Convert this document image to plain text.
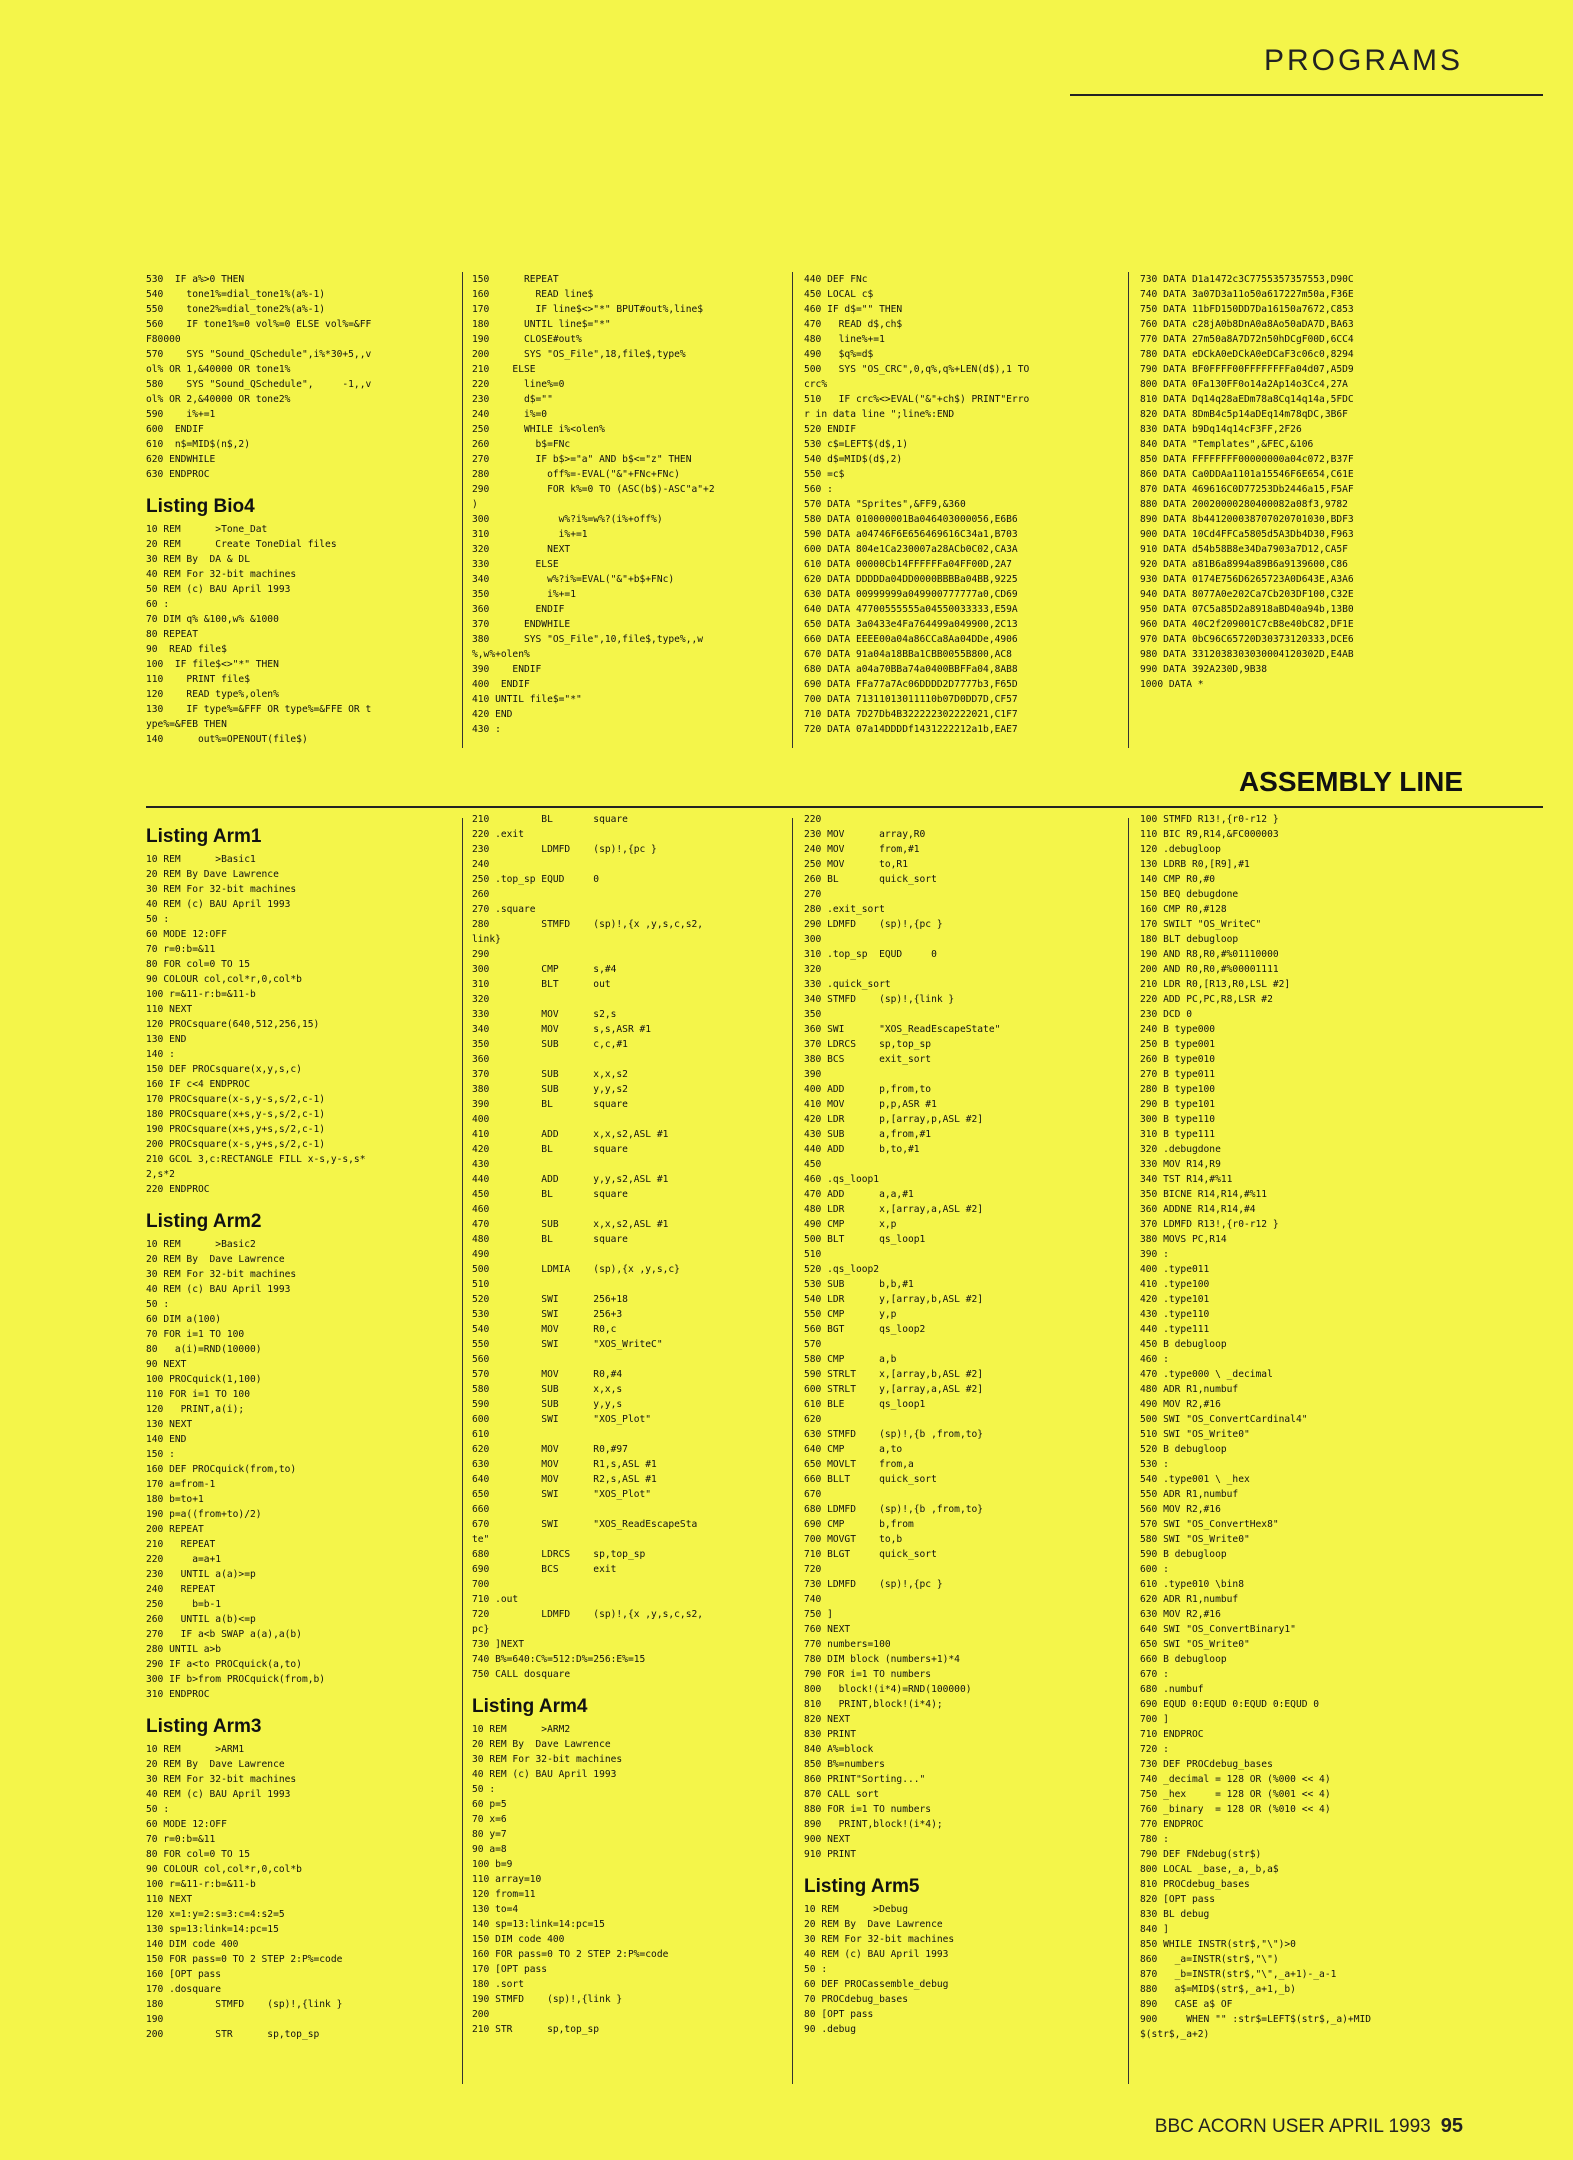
PROGRAMS
ASSEMBLY LINE
530  IF a%>0 THEN
540    tone1%=dial_tone1%(a%-1)
550    tone2%=dial_tone2%(a%-1)
560    IF tone1%=0 vol%=0 ELSE vol%=&FF
F80000
570    SYS "Sound_QSchedule",i%*30+5,,v
ol% OR 1,&40000 OR tone1%
580    SYS "Sound_QSchedule",     -1,,v
ol% OR 2,&40000 OR tone2%
590    i%+=1
600  ENDIF
610  n$=MID$(n$,2)
620 ENDWHILE
630 ENDPROC
Listing Bio4
10 REM      >Tone_Dat
20 REM      Create ToneDial files
30 REM By  DA & DL
40 REM For 32-bit machines
50 REM (c) BAU April 1993
60 :
70 DIM q% &100,w% &1000
80 REPEAT
90  READ file$
100  IF file$<>"*" THEN
110    PRINT file$
120    READ type%,olen%
130    IF type%=&FFF OR type%=&FFE OR t
ype%=&FEB THEN
140      out%=OPENOUT(file$)
150      REPEAT
160        READ line$
170        IF line$<>"*" BPUT#out%,line$
180      UNTIL line$="*"
190      CLOSE#out%
200      SYS "OS_File",18,file$,type%
210    ELSE
220      line%=0
230      d$=""
240      i%=0
250      WHILE i%<olen%
260        b$=FNc
270        IF b$>="a" AND b$<="z" THEN
280          off%=-EVAL("&"+FNc+FNc)
290          FOR k%=0 TO (ASC(b$)-ASC"a"+2
)
300            w%?i%=w%?(i%+off%)
310            i%+=1
320          NEXT
330        ELSE
340          w%?i%=EVAL("&"+b$+FNc)
350          i%+=1
360        ENDIF
370      ENDWHILE
380      SYS "OS_File",10,file$,type%,,w
%,w%+olen%
390    ENDIF
400  ENDIF
410 UNTIL file$="*"
420 END
430 :
440 DEF FNc
450 LOCAL c$
460 IF d$="" THEN
470   READ d$,ch$
480   line%+=1
490   $q%=d$
500   SYS "OS_CRC",0,q%,q%+LEN(d$),1 TO
crc%
510   IF crc%<>EVAL("&"+ch$) PRINT"Erro
r in data line ";line%:END
520 ENDIF
530 c$=LEFT$(d$,1)
540 d$=MID$(d$,2)
550 =c$
560 :
570 DATA "Sprites",&FF9,&360
580 DATA 010000001Ba046403000056,E6B6
590 DATA a04746F6E656469616C34a1,B703
600 DATA 804e1Ca230007a28ACb0C02,CA3A
610 DATA 00000Cb14FFFFFFa04FF00D,2A7
620 DATA DDDDDa04DD0000BBBBa04BB,9225
630 DATA 00999999a049900777777a0,CD69
640 DATA 47700555555a04550033333,E59A
650 DATA 3a0433e4Fa764499a049900,2C13
660 DATA EEEE00a04a86CCa8Aa04DDe,4906
670 DATA 91a04a18BBa1CBB0055B800,AC8
680 DATA a04a70BBa74a0400BBFFa04,8AB8
690 DATA FFa77a7Ac06DDDD2D7777b3,F65D
700 DATA 71311013011110b07D0DD7D,CF57
710 DATA 7D27Db4B322222302222021,C1F7
720 DATA 07a14DDDDf1431222212a1b,EAE7
730 DATA D1a1472c3C7755357357553,D90C
740 DATA 3a07D3a11o50a617227m50a,F36E
750 DATA 11bFD150DD7Da16150a7672,C853
760 DATA c28jA0b8DnA0a8Ao50aDA7D,BA63
770 DATA 27m50a8A7D72n50hDCgF00D,6CC4
780 DATA eDCkA0eDCkA0eDCaF3c06c0,8294
790 DATA BF0FFFF00FFFFFFFFa04d07,A5D9
800 DATA 0Fa130FF0o14a2Ap14o3Cc4,27A
810 DATA Dq14q28aEDm78a8Cq14q14a,5FDC
820 DATA 8DmB4c5p14aDEq14m78qDC,3B6F
830 DATA b9Dq14q14cF3FF,2F26
840 DATA "Templates",&FEC,&106
850 DATA FFFFFFFF00000000a04c072,B37F
860 DATA Ca0DDAa1101a15546F6E654,C61E
870 DATA 469616C0D77253Db2446a15,F5AF
880 DATA 20020000280400082a08f3,9782
890 DATA 8b441200038707020701030,BDF3
900 DATA 10Cd4FFCa5805d5A3Db4D30,F963
910 DATA d54b58B8e34Da7903a7D12,CA5F
920 DATA a81B6a8994a89B6a9139600,C86
930 DATA 0174E756D6265723A0D643E,A3A6
940 DATA 8077A0e202Ca7Cb203DF100,C32E
950 DATA 07C5a85D2a8918aBD40a94b,13B0
960 DATA 40C2f209001C7cB8e40bC82,DF1E
970 DATA 0bC96C65720D30373120333,DCE6
980 DATA 3312038303030004120302D,E4AB
990 DATA 392A230D,9B38
1000 DATA *
Listing Arm1
10 REM      >Basic1
20 REM By Dave Lawrence
30 REM For 32-bit machines
40 REM (c) BAU April 1993
50 :
60 MODE 12:OFF
70 r=0:b=&11
80 FOR col=0 TO 15
90 COLOUR col,col*r,0,col*b
100 r=&11-r:b=&11-b
110 NEXT
120 PROCsquare(640,512,256,15)
130 END
140 :
150 DEF PROCsquare(x,y,s,c)
160 IF c<4 ENDPROC
170 PROCsquare(x-s,y-s,s/2,c-1)
180 PROCsquare(x+s,y-s,s/2,c-1)
190 PROCsquare(x+s,y+s,s/2,c-1)
200 PROCsquare(x-s,y+s,s/2,c-1)
210 GCOL 3,c:RECTANGLE FILL x-s,y-s,s*
2,s*2
220 ENDPROC
Listing Arm2
10 REM      >Basic2
20 REM By  Dave Lawrence
30 REM For 32-bit machines
40 REM (c) BAU April 1993
50 :
60 DIM a(100)
70 FOR i=1 TO 100
80   a(i)=RND(10000)
90 NEXT
100 PROCquick(1,100)
110 FOR i=1 TO 100
120   PRINT,a(i);
130 NEXT
140 END
150 :
160 DEF PROCquick(from,to)
170 a=from-1
180 b=to+1
190 p=a((from+to)/2)
200 REPEAT
210   REPEAT
220     a=a+1
230   UNTIL a(a)>=p
240   REPEAT
250     b=b-1
260   UNTIL a(b)<=p
270   IF a<b SWAP a(a),a(b)
280 UNTIL a>b
290 IF a<to PROCquick(a,to)
300 IF b>from PROCquick(from,b)
310 ENDPROC
Listing Arm3
10 REM      >ARM1
20 REM By  Dave Lawrence
30 REM For 32-bit machines
40 REM (c) BAU April 1993
50 :
60 MODE 12:OFF
70 r=0:b=&11
80 FOR col=0 TO 15
90 COLOUR col,col*r,0,col*b
100 r=&11-r:b=&11-b
110 NEXT
120 x=1:y=2:s=3:c=4:s2=5
130 sp=13:link=14:pc=15
140 DIM code 400
150 FOR pass=0 TO 2 STEP 2:P%=code
160 [OPT pass
170 .dosquare
180         STMFD    (sp)!,{link }
190
200         STR      sp,top_sp
210         BL       square
220 .exit
230         LDMFD    (sp)!,{pc }
240
250 .top_sp EQUD     0
260
270 .square
280         STMFD    (sp)!,{x ,y,s,c,s2,
link}
290
300         CMP      s,#4
310         BLT      out
320
330         MOV      s2,s
340         MOV      s,s,ASR #1
350         SUB      c,c,#1
360
370         SUB      x,x,s2
380         SUB      y,y,s2
390         BL       square
400
410         ADD      x,x,s2,ASL #1
420         BL       square
430
440         ADD      y,y,s2,ASL #1
450         BL       square
460
470         SUB      x,x,s2,ASL #1
480         BL       square
490
500         LDMIA    (sp),{x ,y,s,c}
510
520         SWI      256+18
530         SWI      256+3
540         MOV      R0,c
550         SWI      "XOS_WriteC"
560
570         MOV      R0,#4
580         SUB      x,x,s
590         SUB      y,y,s
600         SWI      "XOS_Plot"
610
620         MOV      R0,#97
630         MOV      R1,s,ASL #1
640         MOV      R2,s,ASL #1
650         SWI      "XOS_Plot"
660
670         SWI      "XOS_ReadEscapeSta
te"
680         LDRCS    sp,top_sp
690         BCS      exit
700
710 .out
720         LDMFD    (sp)!,{x ,y,s,c,s2,
pc}
730 ]NEXT
740 B%=640:C%=512:D%=256:E%=15
750 CALL dosquare
Listing Arm4
10 REM      >ARM2
20 REM By  Dave Lawrence
30 REM For 32-bit machines
40 REM (c) BAU April 1993
50 :
60 p=5
70 x=6
80 y=7
90 a=8
100 b=9
110 array=10
120 from=11
130 to=4
140 sp=13:link=14:pc=15
150 DIM code 400
160 FOR pass=0 TO 2 STEP 2:P%=code
170 [OPT pass
180 .sort
190 STMFD    (sp)!,{link }
200
210 STR      sp,top_sp
220
230 MOV      array,R0
240 MOV      from,#1
250 MOV      to,R1
260 BL       quick_sort
270
280 .exit_sort
290 LDMFD    (sp)!,{pc }
300
310 .top_sp  EQUD     0
320
330 .quick_sort
340 STMFD    (sp)!,{link }
350
360 SWI      "XOS_ReadEscapeState"
370 LDRCS    sp,top_sp
380 BCS      exit_sort
390
400 ADD      p,from,to
410 MOV      p,p,ASR #1
420 LDR      p,[array,p,ASL #2]
430 SUB      a,from,#1
440 ADD      b,to,#1
450
460 .qs_loop1
470 ADD      a,a,#1
480 LDR      x,[array,a,ASL #2]
490 CMP      x,p
500 BLT      qs_loop1
510
520 .qs_loop2
530 SUB      b,b,#1
540 LDR      y,[array,b,ASL #2]
550 CMP      y,p
560 BGT      qs_loop2
570
580 CMP      a,b
590 STRLT    x,[array,b,ASL #2]
600 STRLT    y,[array,a,ASL #2]
610 BLE      qs_loop1
620
630 STMFD    (sp)!,{b ,from,to}
640 CMP      a,to
650 MOVLT    from,a
660 BLLT     quick_sort
670
680 LDMFD    (sp)!,{b ,from,to}
690 CMP      b,from
700 MOVGT    to,b
710 BLGT     quick_sort
720
730 LDMFD    (sp)!,{pc }
740
750 ]
760 NEXT
770 numbers=100
780 DIM block (numbers+1)*4
790 FOR i=1 TO numbers
800   block!(i*4)=RND(100000)
810   PRINT,block!(i*4);
820 NEXT
830 PRINT
840 A%=block
850 B%=numbers
860 PRINT"Sorting..."
870 CALL sort
880 FOR i=1 TO numbers
890   PRINT,block!(i*4);
900 NEXT
910 PRINT
Listing Arm5
10 REM      >Debug
20 REM By  Dave Lawrence
30 REM For 32-bit machines
40 REM (c) BAU April 1993
50 :
60 DEF PROCassemble_debug
70 PROCdebug_bases
80 [OPT pass
90 .debug
100 STMFD R13!,{r0-r12 }
110 BIC R9,R14,&FC000003
120 .debugloop
130 LDRB R0,[R9],#1
140 CMP R0,#0
150 BEQ debugdone
160 CMP R0,#128
170 SWILT "OS_WriteC"
180 BLT debugloop
190 AND R8,R0,#%01110000
200 AND R0,R0,#%00001111
210 LDR R0,[R13,R0,LSL #2]
220 ADD PC,PC,R8,LSR #2
230 DCD 0
240 B type000
250 B type001
260 B type010
270 B type011
280 B type100
290 B type101
300 B type110
310 B type111
320 .debugdone
330 MOV R14,R9
340 TST R14,#%11
350 BICNE R14,R14,#%11
360 ADDNE R14,R14,#4
370 LDMFD R13!,{r0-r12 }
380 MOVS PC,R14
390 :
400 .type011
410 .type100
420 .type101
430 .type110
440 .type111
450 B debugloop
460 :
470 .type000 \ _decimal
480 ADR R1,numbuf
490 MOV R2,#16
500 SWI "OS_ConvertCardinal4"
510 SWI "OS_Write0"
520 B debugloop
530 :
540 .type001 \ _hex
550 ADR R1,numbuf
560 MOV R2,#16
570 SWI "OS_ConvertHex8"
580 SWI "OS_Write0"
590 B debugloop
600 :
610 .type010 \bin8
620 ADR R1,numbuf
630 MOV R2,#16
640 SWI "OS_ConvertBinary1"
650 SWI "OS_Write0"
660 B debugloop
670 :
680 .numbuf
690 EQUD 0:EQUD 0:EQUD 0:EQUD 0
700 ]
710 ENDPROC
720 :
730 DEF PROCdebug_bases
740 _decimal = 128 OR (%000 << 4)
750 _hex     = 128 OR (%001 << 4)
760 _binary  = 128 OR (%010 << 4)
770 ENDPROC
780 :
790 DEF FNdebug(str$)
800 LOCAL _base,_a,_b,a$
810 PROCdebug_bases
820 [OPT pass
830 BL debug
840 ]
850 WHILE INSTR(str$,"\")>0
860   _a=INSTR(str$,"\")
870   _b=INSTR(str$,"\",_a+1)-_a-1
880   a$=MID$(str$,_a+1,_b)
890   CASE a$ OF
900     WHEN "" :str$=LEFT$(str$,_a)+MID
$(str$,_a+2)
BBC ACORN USER APRIL 1993 95
